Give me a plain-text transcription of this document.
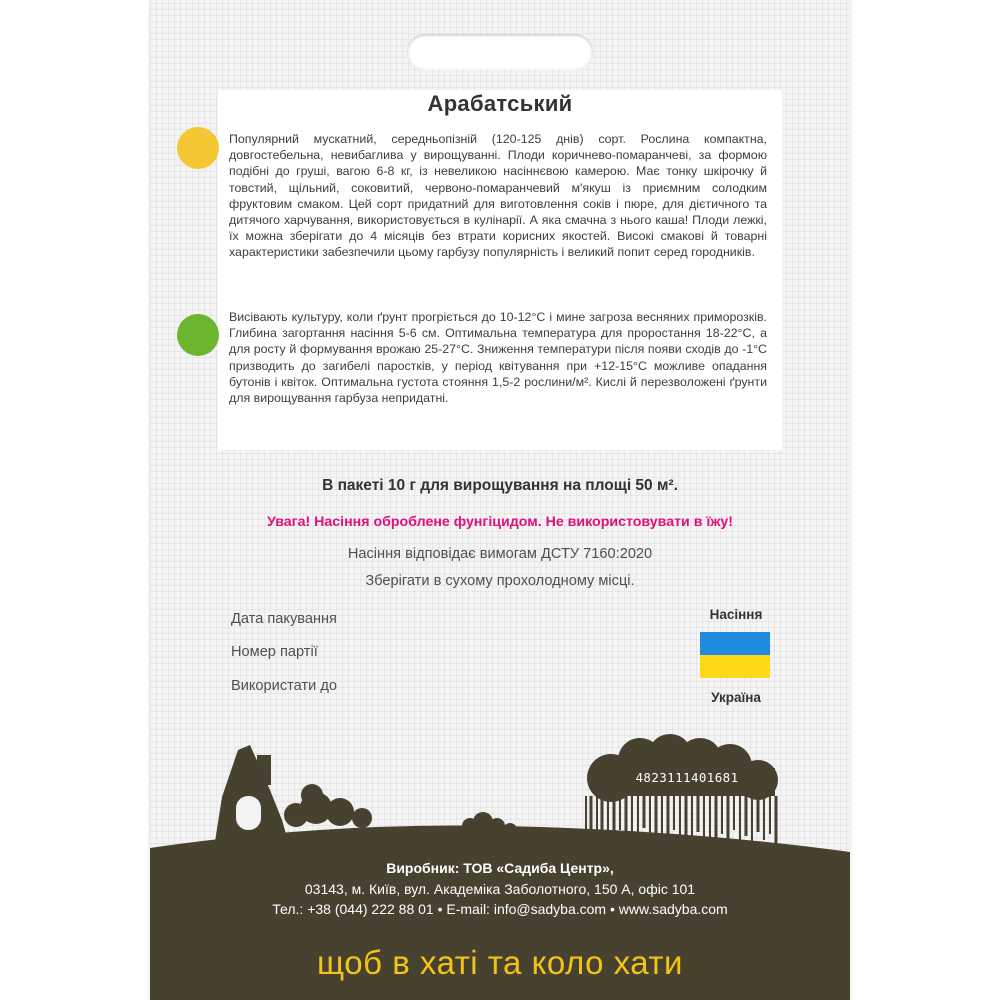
Арабатський

Популярний мускатний, середньопізній (120-125 днів) сорт. Рослина компактна, довгостебельна, невибаглива у вирощуванні. Плоди коричнево-помаранчеві, за формою подібні до груші, вагою 6-8 кг, із невеликою насіннєвою камерою. Має тонку шкірочку й товстий, щільний, соковитий, червоно-помаранчевий м'якуш із приємним солодким фруктовим смаком. Цей сорт придатний для виготовлення соків і пюре, для дієтичного та дитячого харчування, використовується в кулінарії. А яка смачна з нього каша! Плоди лежкі, їх можна зберігати до 4 місяців без втрати корисних якостей. Високі смакові й товарні характеристики забезпечили цьому гарбузу популярність і великий попит серед городників.

Висівають культуру, коли ґрунт прогріється до 10-12°С і мине загроза весняних приморозків. Глибина загортання насіння 5-6 см. Оптимальна температура для проростання 18-22°С, а для росту й формування врожаю 25-27°С. Зниження температури після появи сходів до -1°С призводить до загибелі паростків, у період квітування при +12-15°С можливе опадання бутонів і квіток. Оптимальна густота стояння 1,5-2 рослини/м². Кислі й перезволожені ґрунти для вирощування гарбуза непридатні.

В пакеті 10 г для вирощування на площі 50 м².
Увага! Насіння оброблене фунгіцидом. Не використовувати в їжу!
Насіння відповідає вимогам ДСТУ 7160:2020
Зберігати в сухому прохолодному місці.
Дата пакування
Номер партії
Використати до
Насіння
Україна
4823111401681
Виробник: ТОВ «Садиба Центр»,
03143, м. Київ, вул. Академіка Заболотного, 150 А, офіс 101
Тел.: +38 (044) 222 88 01 • E-mail: info@sadyba.com • www.sadyba.com
щоб в хаті та коло хати
